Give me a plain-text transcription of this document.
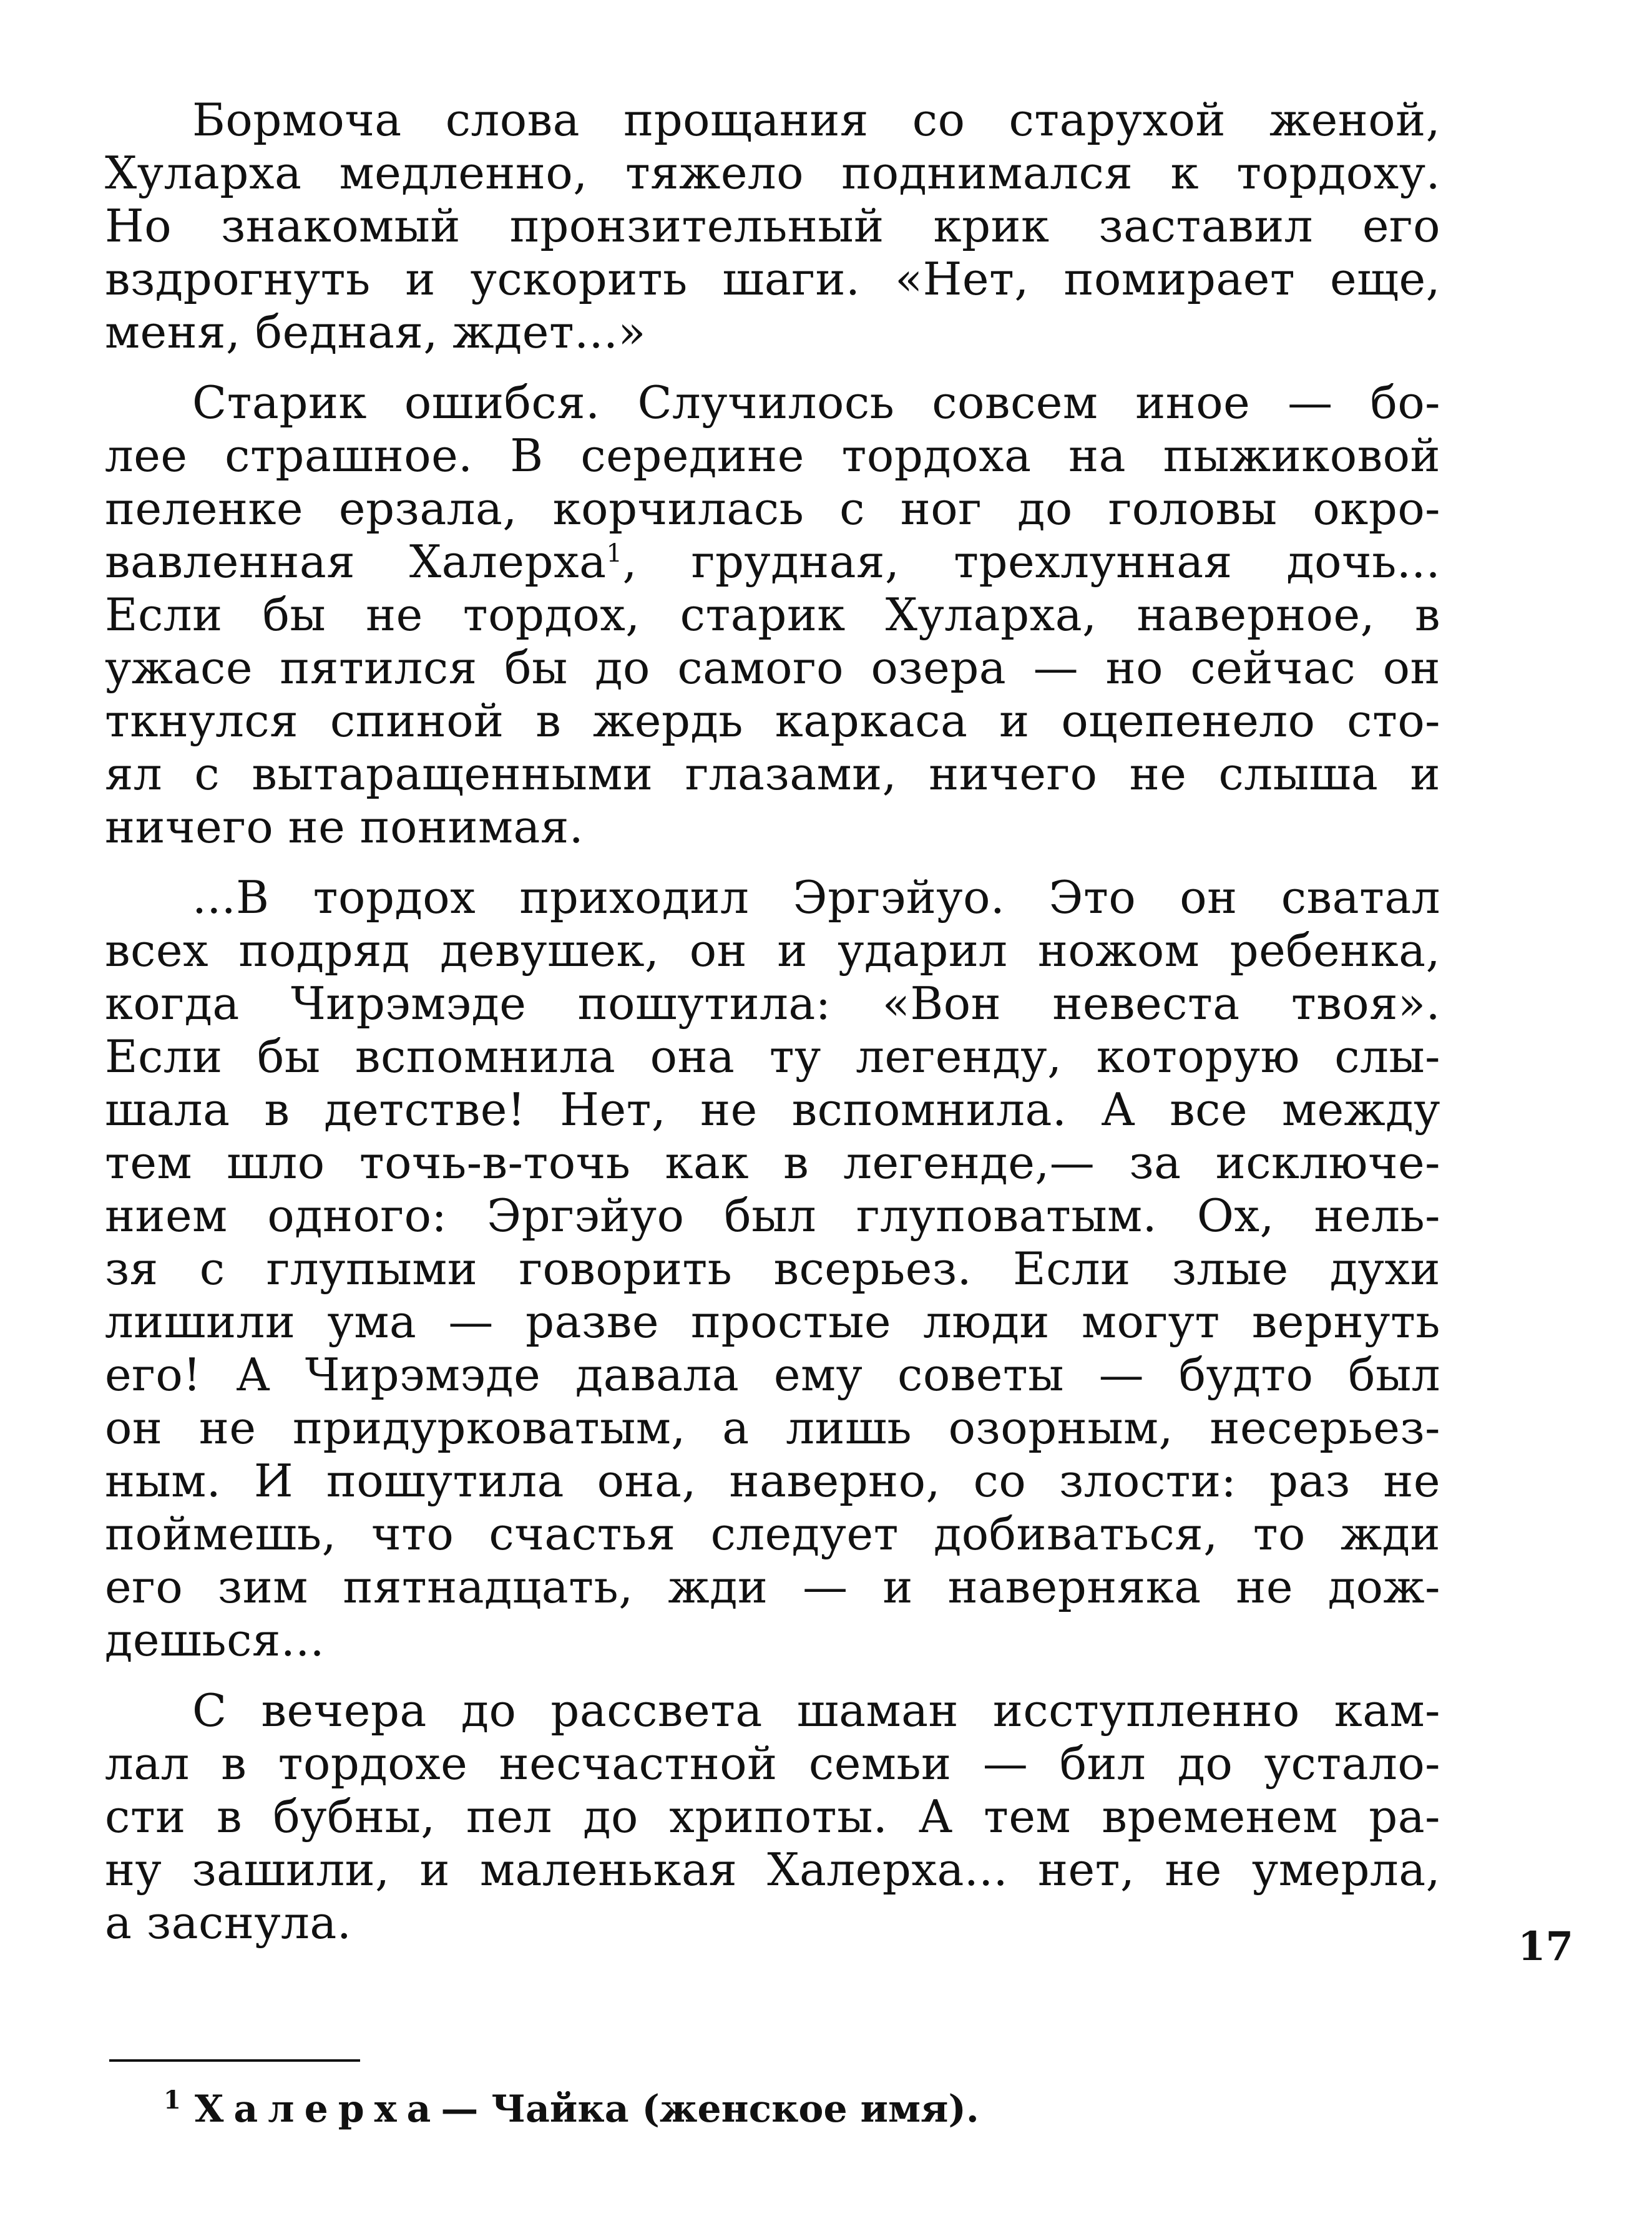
Бормоча слова прощания со старухой женой,
Хуларха медленно, тяжело поднимался к тордоху.
Но знакомый пронзительный крик заставил его
вздрогнуть и ускорить шаги. «Нет, помирает еще,
меня, бедная, ждет...»
Старик ошибся. Случилось совсем иное — бо-
лее страшное. В середине тордоха на пыжиковой
пеленке ерзала, корчилась с ног до головы окро-
вавленная Халерха$^1$, грудная, трехлунная дочь...
Если бы не тордох, старик Хуларха, наверное, в
ужасе пятился бы до самого озера — но сейчас он
ткнулся спиной в жердь каркаса и оцепенело сто-
ял с вытаращенными глазами, ничего не слыша и
ничего не понимая.
...В тордох приходил Эргэйуо. Это он сватал
всех подряд девушек, он и ударил ножом ребенка,
когда Чирэмэде пошутила: «Вон невеста твоя».
Если бы вспомнила она ту легенду, которую слы-
шала в детстве! Нет, не вспомнила. А все между
тем шло точь-в-точь как в легенде,— за исключе-
нием одного: Эргэйуо был глуповатым. Ох, нель-
зя с глупыми говорить всерьез. Если злые духи
лишили ума — разве простые люди могут вернуть
его! А Чирэмэде давала ему советы — будто был
он не придурковатым, а лишь озорным, несерьез-
ным. И пошутила она, наверно, со злости: раз не
поймешь, что счастья следует добиваться, то жди
его зим пятнадцать, жди — и наверняка не дож-
дешься...
С вечера до рассвета шаман исступленно кам-
лал в тордохе несчастной семьи — бил до устало-
сти в бубны, пел до хрипоты. А тем временем ра-
ну зашили, и маленькая Халерха... нет, не умерла,
а заснула.	17
$^1$ Халерха— Чайка (женское имя).
